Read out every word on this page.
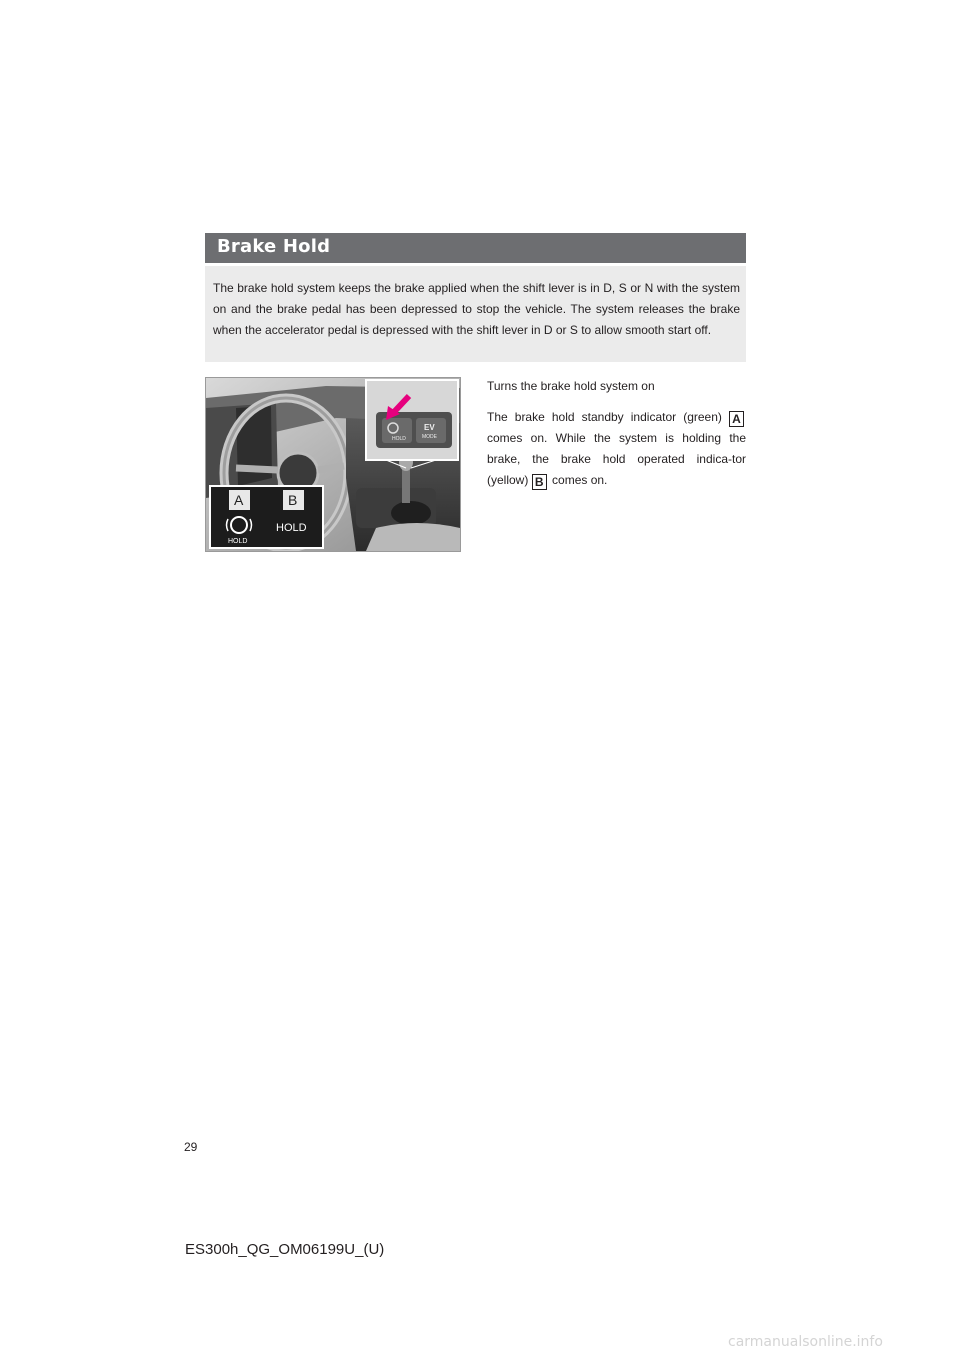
Brake Hold

The brake hold system keeps the brake applied when the shift lever is in D, S or N with the system on and the brake pedal has been depressed to stop the vehicle. The system releases the brake when the accelerator pedal is depressed with the shift lever in D or S to allow smooth start off.

HOLD
EV
MODE
A	B
HOLD
HOLD

Turns the brake hold system on

The brake hold standby indicator (green) A comes on. While the system is holding the brake, the brake hold operated indica-tor (yellow) B comes on.

29
ES300h_QG_OM06199U_(U)
carmanualsonline.info
